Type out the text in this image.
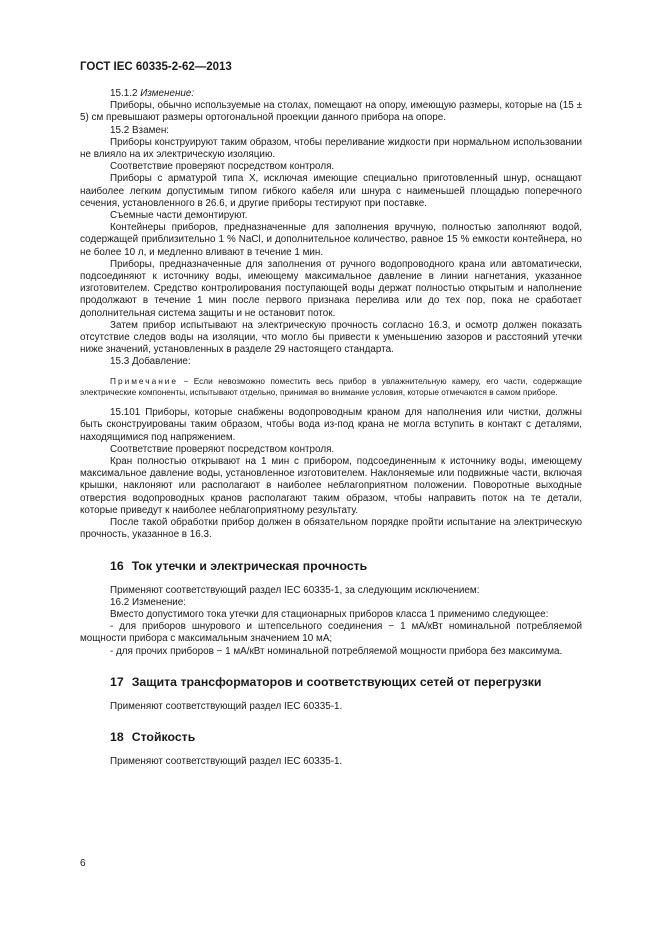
ГОСТ IEC 60335-2-62—2013

15.1.2 Изменение:

Приборы, обычно используемые на столах, помещают на опору, имеющую размеры, которые на (15 ± 5) см превышают размеры ортогональной проекции данного прибора на опоре.

15.2 Взамен:

Приборы конструируют таким образом, чтобы переливание жидкости при нормальном использовании не влияло на их электрическую изоляцию.

Соответствие проверяют посредством контроля.

Приборы с арматурой типа X, исключая имеющие специально приготовленный шнур, оснащают наиболее легким допустимым типом гибкого кабеля или шнура с наименьшей площадью поперечного сечения, установленного в 26.6, и другие приборы тестируют при поставке.

Съемные части демонтируют.

Контейнеры приборов, предназначенные для заполнения вручную, полностью заполняют водой, содержащей приблизительно 1 % NaCl, и дополнительное количество, равное 15 % емкости контейнера, но не более 10 л, и медленно вливают в течение 1 мин.

Приборы, предназначенные для заполнения от ручного водопроводного крана или автоматически, подсоединяют к источнику воды, имеющему максимальное давление в линии нагнетания, указанное изготовителем. Средство контролирования поступающей воды держат полностью открытым и наполнение продолжают в течение 1 мин после первого признака перелива или до тех пор, пока не сработает дополнительная система защиты и не остановит поток.

Затем прибор испытывают на электрическую прочность согласно 16.3, и осмотр должен показать отсутствие следов воды на изоляции, что могло бы привести к уменьшению зазоров и расстояний утечки ниже значений, установленных в разделе 29 настоящего стандарта.

15.3 Добавление:

Примечание − Если невозможно поместить весь прибор в увлажнительную камеру, его части, содержащие электрические компоненты, испытывают отдельно, принимая во внимание условия, которые отмечаются в самом приборе.

15.101 Приборы, которые снабжены водопроводным краном для наполнения или чистки, должны быть сконструированы таким образом, чтобы вода из-под крана не могла вступить в контакт с деталями, находящимися под напряжением.

Соответствие проверяют посредством контроля.

Кран полностью открывают на 1 мин с прибором, подсоединенным к источнику воды, имеющему максимальное давление воды, установленное изготовителем. Наклоняемые или подвижные части, включая крышки, наклоняют или располагают в наиболее неблагоприятном положении. Поворотные выходные отверстия водопроводных кранов располагают таким образом, чтобы направить поток на те детали, которые приведут к наиболее неблагоприятному результату.

После такой обработки прибор должен в обязательном порядке пройти испытание на электрическую прочность, указанное в 16.3.

16 Ток утечки и электрическая прочность

Применяют соответствующий раздел IEC 60335-1, за следующим исключением:

16.2 Изменение:

Вместо допустимого тока утечки для стационарных приборов класса 1 применимо следующее:

- для приборов шнурового и штепсельного соединения − 1 мА/кВт номинальной потребляемой мощности прибора с максимальным значением 10 мА;

- для прочих приборов − 1 мА/кВт номинальной потребляемой мощности прибора без максимума.

17 Защита трансформаторов и соответствующих сетей от перегрузки

Применяют соответствующий раздел IEC 60335-1.

18 Стойкость

Применяют соответствующий раздел IEC 60335-1.

6
